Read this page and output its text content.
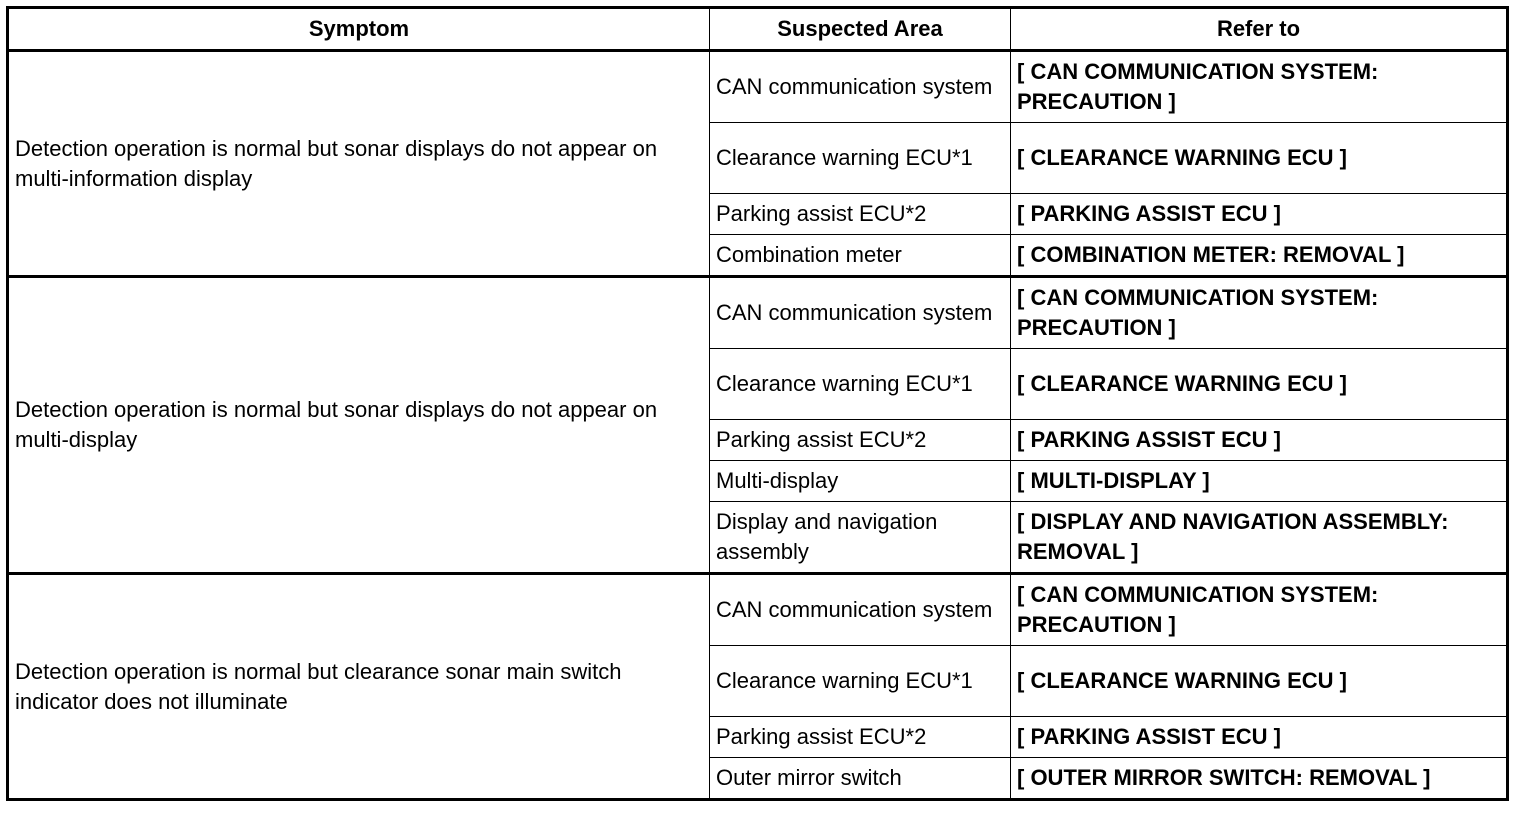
Symptom	Suspected Area	Refer to
Detection operation is normal but sonar displays do not appear on multi-information display	CAN communication system	[ CAN COMMUNICATION SYSTEM: PRECAUTION ]
	Clearance warning ECU*1	[ CLEARANCE WARNING ECU ]
	Parking assist ECU*2	[ PARKING ASSIST ECU ]
	Combination meter	[ COMBINATION METER: REMOVAL ]
Detection operation is normal but sonar displays do not appear on multi-display	CAN communication system	[ CAN COMMUNICATION SYSTEM: PRECAUTION ]
	Clearance warning ECU*1	[ CLEARANCE WARNING ECU ]
	Parking assist ECU*2	[ PARKING ASSIST ECU ]
	Multi-display	[ MULTI-DISPLAY ]
	Display and navigation assembly	[ DISPLAY AND NAVIGATION ASSEMBLY: REMOVAL ]
Detection operation is normal but clearance sonar main switch indicator does not illuminate	CAN communication system	[ CAN COMMUNICATION SYSTEM: PRECAUTION ]
	Clearance warning ECU*1	[ CLEARANCE WARNING ECU ]
	Parking assist ECU*2	[ PARKING ASSIST ECU ]
	Outer mirror switch	[ OUTER MIRROR SWITCH: REMOVAL ]
